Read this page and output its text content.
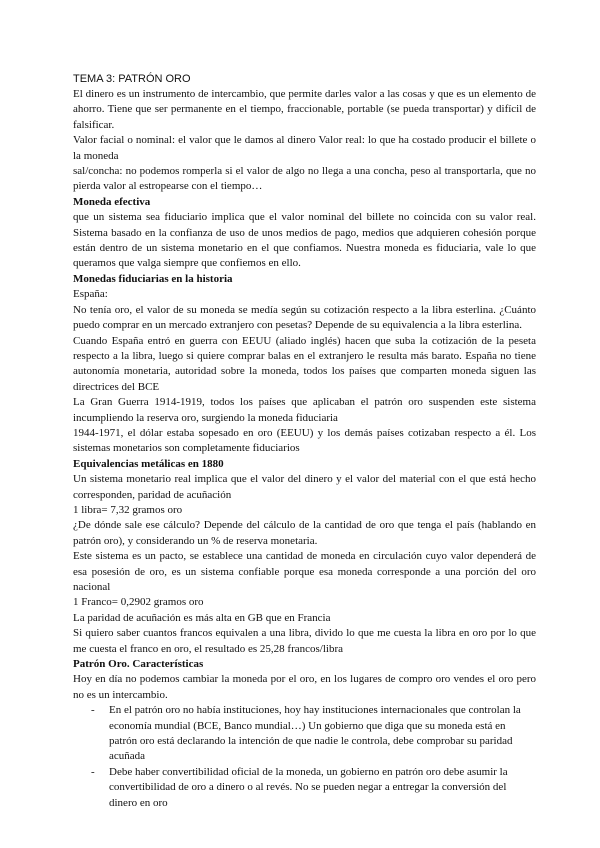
TEMA 3: PATRÓN ORO

El dinero es un instrumento de intercambio, que permite darles valor a las cosas y que es un elemento de ahorro. Tiene que ser permanente en el tiempo, fraccionable, portable (se pueda transportar) y difícil de falsificar.

Valor facial o nominal: el valor que le damos al dinero Valor real: lo que ha costado producir el billete o la moneda

sal/concha: no podemos romperla si el valor de algo no llega a una concha, peso al transportarla, que no pierda valor al estropearse con el tiempo…

Moneda efectiva

que un sistema sea fiduciario implica que el valor nominal del billete no coincida con su valor real. Sistema basado en la confianza de uso de unos medios de pago, medios que adquieren cohesión porque están dentro de un sistema monetario en el que confiamos. Nuestra moneda es fiduciaria, vale lo que queramos que valga siempre que confiemos en ello.

Monedas fiduciarias en la historia

España:

No tenía oro, el valor de su moneda se medía según su cotización respecto a la libra esterlina. ¿Cuánto puedo comprar en un mercado extranjero con pesetas? Depende de su equivalencia a la libra esterlina.

Cuando España entró en guerra con EEUU (aliado inglés) hacen que suba la cotización de la peseta respecto a la libra, luego si quiere comprar balas en el extranjero le resulta más barato. España no tiene autonomía monetaria, autoridad sobre la moneda, todos los países que comparten moneda siguen las directrices del BCE

La Gran Guerra 1914-1919, todos los países que aplicaban el patrón oro suspenden este sistema incumpliendo la reserva oro, surgiendo la moneda fiduciaria

1944-1971, el dólar estaba sopesado en oro (EEUU) y los demás países cotizaban respecto a él. Los sistemas monetarios son completamente fiduciarios

Equivalencias metálicas en 1880

Un sistema monetario real implica que el valor del dinero y el valor del material con el que está hecho corresponden, paridad de acuñación

1 libra= 7,32 gramos oro

¿De dónde sale ese cálculo? Depende del cálculo de la cantidad de oro que tenga el país (hablando en patrón oro), y considerando un % de reserva monetaria.

Este sistema es un pacto, se establece una cantidad de moneda en circulación cuyo valor dependerá de esa posesión de oro, es un sistema confiable porque esa moneda corresponde a una porción del oro nacional

1 Franco= 0,2902 gramos oro

La paridad de acuñación es más alta en GB que en Francia

Si quiero saber cuantos francos equivalen a una libra, divido lo que me cuesta la libra en oro por lo que me cuesta el franco en oro, el resultado es 25,28 francos/libra

Patrón Oro. Características

Hoy en día no podemos cambiar la moneda por el oro, en los lugares de compro oro vendes el oro pero no es un intercambio.

- En el patrón oro no había instituciones, hoy hay instituciones internacionales que controlan la economía mundial (BCE, Banco mundial…) Un gobierno que diga que su moneda está en patrón oro está declarando la intención de que nadie le controla, debe comprobar su paridad acuñada
- Debe haber convertibilidad oficial de la moneda, un gobierno en patrón oro debe asumir la convertibilidad de oro a dinero o al revés. No se pueden negar a entregar la conversión del dinero en oro
